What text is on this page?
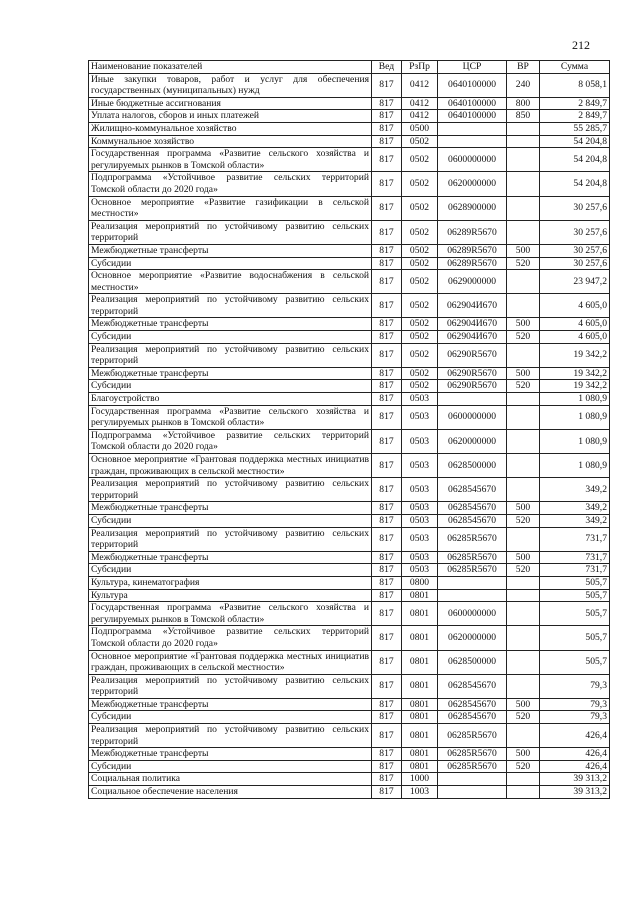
212
Наименование показателей	Вед	РзПр	ЦСР	ВР	Сумма
Иные закупки товаров, работ и услуг для обеспечения государственных (муниципальных) нужд	817	0412	0640100000	240	8 058,1
Иные бюджетные ассигнования	817	0412	0640100000	800	2 849,7
Уплата налогов, сборов и иных платежей	817	0412	0640100000	850	2 849,7
Жилищно-коммунальное хозяйство	817	0500			55 285,7
Коммунальное хозяйство	817	0502			54 204,8
Государственная программа «Развитие сельского хозяйства и регулируемых рынков в Томской области»	817	0502	0600000000		54 204,8
Подпрограмма «Устойчивое развитие сельских территорий Томской области до 2020 года»	817	0502	0620000000		54 204,8
Основное мероприятие «Развитие газификации в сельской местности»	817	0502	0628900000		30 257,6
Реализация мероприятий по устойчивому развитию сельских территорий	817	0502	06289R5670		30 257,6
Межбюджетные трансферты	817	0502	06289R5670	500	30 257,6
Субсидии	817	0502	06289R5670	520	30 257,6
Основное мероприятие «Развитие водоснабжения в сельской местности»	817	0502	0629000000		23 947,2
Реализация мероприятий по устойчивому развитию сельских территорий	817	0502	062904И670		4 605,0
Межбюджетные трансферты	817	0502	062904И670	500	4 605,0
Субсидии	817	0502	062904И670	520	4 605,0
Реализация мероприятий по устойчивому развитию сельских территорий	817	0502	06290R5670		19 342,2
Межбюджетные трансферты	817	0502	06290R5670	500	19 342,2
Субсидии	817	0502	06290R5670	520	19 342,2
Благоустройство	817	0503			1 080,9
Государственная программа «Развитие сельского хозяйства и регулируемых рынков в Томской области»	817	0503	0600000000		1 080,9
Подпрограмма «Устойчивое развитие сельских территорий Томской области до 2020 года»	817	0503	0620000000		1 080,9
Основное мероприятие «Грантовая поддержка местных инициатив граждан, проживающих в сельской местности»	817	0503	0628500000		1 080,9
Реализация мероприятий по устойчивому развитию сельских территорий	817	0503	0628545670		349,2
Межбюджетные трансферты	817	0503	0628545670	500	349,2
Субсидии	817	0503	0628545670	520	349,2
Реализация мероприятий по устойчивому развитию сельских территорий	817	0503	06285R5670		731,7
Межбюджетные трансферты	817	0503	06285R5670	500	731,7
Субсидии	817	0503	06285R5670	520	731,7
Культура, кинематография	817	0800			505,7
Культура	817	0801			505,7
Государственная программа «Развитие сельского хозяйства и регулируемых рынков в Томской области»	817	0801	0600000000		505,7
Подпрограмма «Устойчивое развитие сельских территорий Томской области до 2020 года»	817	0801	0620000000		505,7
Основное мероприятие «Грантовая поддержка местных инициатив граждан, проживающих в сельской местности»	817	0801	0628500000		505,7
Реализация мероприятий по устойчивому развитию сельских территорий	817	0801	0628545670		79,3
Межбюджетные трансферты	817	0801	0628545670	500	79,3
Субсидии	817	0801	0628545670	520	79,3
Реализация мероприятий по устойчивому развитию сельских территорий	817	0801	06285R5670		426,4
Межбюджетные трансферты	817	0801	06285R5670	500	426,4
Субсидии	817	0801	06285R5670	520	426,4
Социальная политика	817	1000			39 313,2
Социальное обеспечение населения	817	1003			39 313,2
